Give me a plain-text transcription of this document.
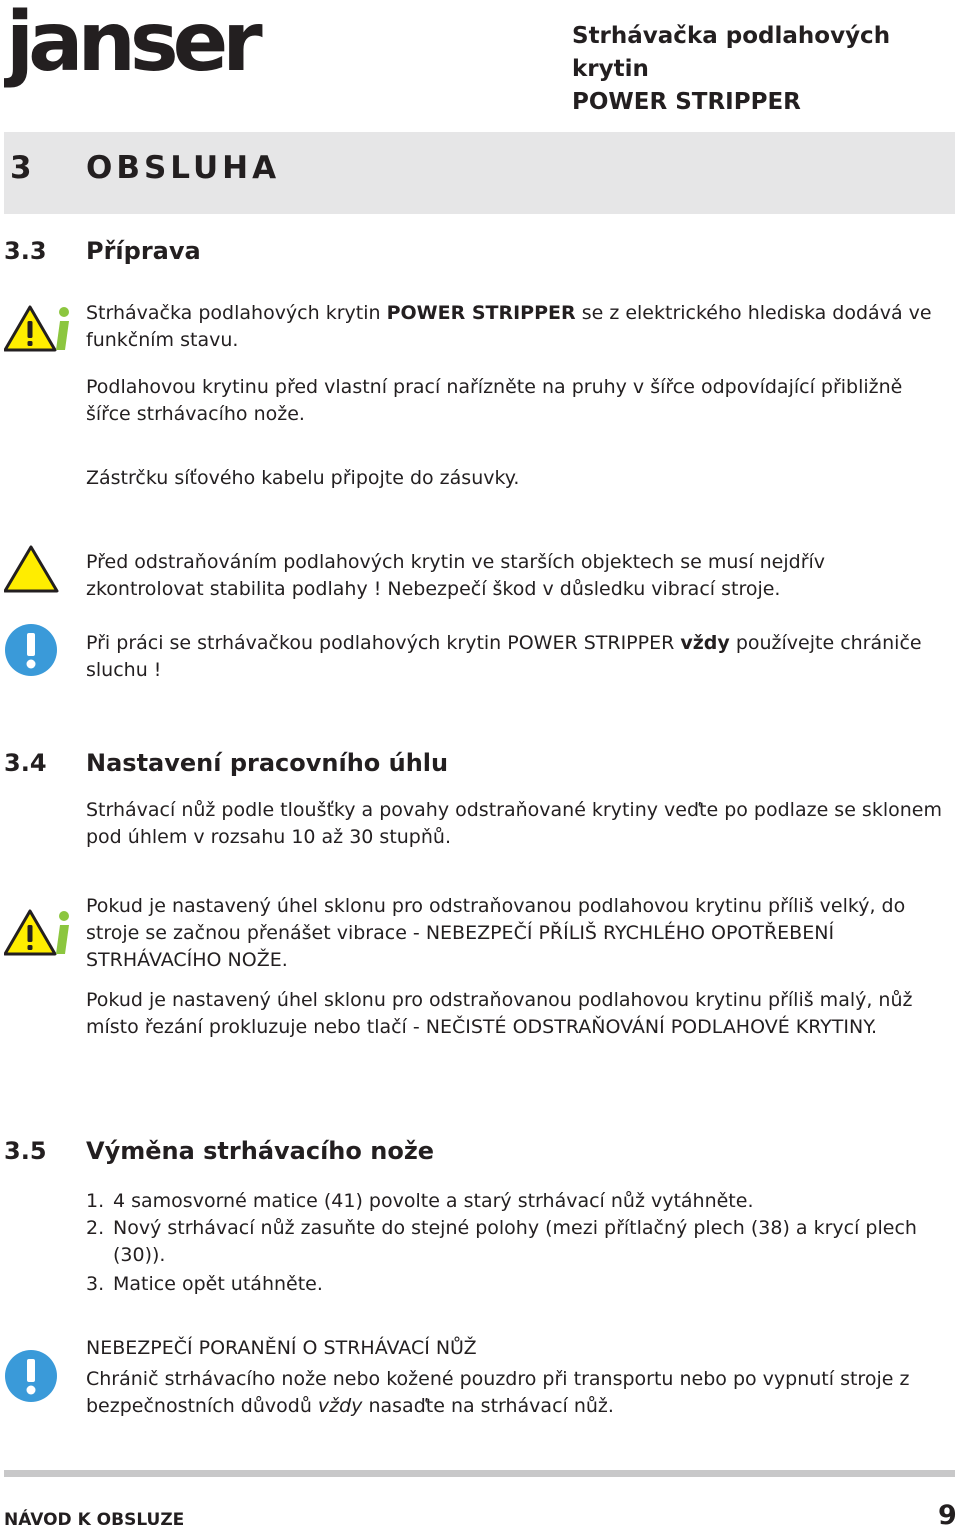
janser	Strhávačka podlahových krytin
POWER STRIPPER
3 OBSLUHA
3.3 Příprava
Strhávačka podlahových krytin POWER STRIPPER se z elektrického hlediska dodává ve funkčním stavu.
Podlahovou krytinu před vlastní prací nařízněte na pruhy v šířce odpovídající přibližně šířce strhávacího nože.
Zástrčku síťového kabelu připojte do zásuvky.
Před odstraňováním podlahových krytin ve starších objektech se musí nejdřív zkontrolovat stabilita podlahy ! Nebezpečí škod v důsledku vibrací stroje.
Při práci se strhávačkou podlahových krytin POWER STRIPPER vždy používejte chrániče sluchu !
3.4 Nastavení pracovního úhlu
Strhávací nůž podle tloušťky a povahy odstraňované krytiny veďte po podlaze se sklonem pod úhlem v rozsahu 10 až 30 stupňů.
Pokud je nastavený úhel sklonu pro odstraňovanou podlahovou krytinu příliš velký, do stroje se začnou přenášet vibrace - NEBEZPEČÍ PŘÍLIŠ RYCHLÉHO OPOTŘEBENÍ STRHÁVACÍHO NOŽE.
Pokud je nastavený úhel sklonu pro odstraňovanou podlahovou krytinu příliš malý, nůž místo řezání prokluzuje nebo tlačí - NEČISTÉ ODSTRAŇOVÁNÍ PODLAHOVÉ KRYTINY.
3.5 Výměna strhávacího nože
1. 4 samosvorné matice (41) povolte a starý strhávací nůž vytáhněte.
2. Nový strhávací nůž zasuňte do stejné polohy (mezi přítlačný plech (38) a krycí plech (30)).
3. Matice opět utáhněte.
NEBEZPEČÍ PORANĚNÍ O STRHÁVACÍ NŮŽ
Chránič strhávacího nože nebo kožené pouzdro při transportu nebo po vypnutí stroje z bezpečnostních důvodů vždy nasaďte na strhávací nůž.
NÁVOD K OBSLUZE	9
